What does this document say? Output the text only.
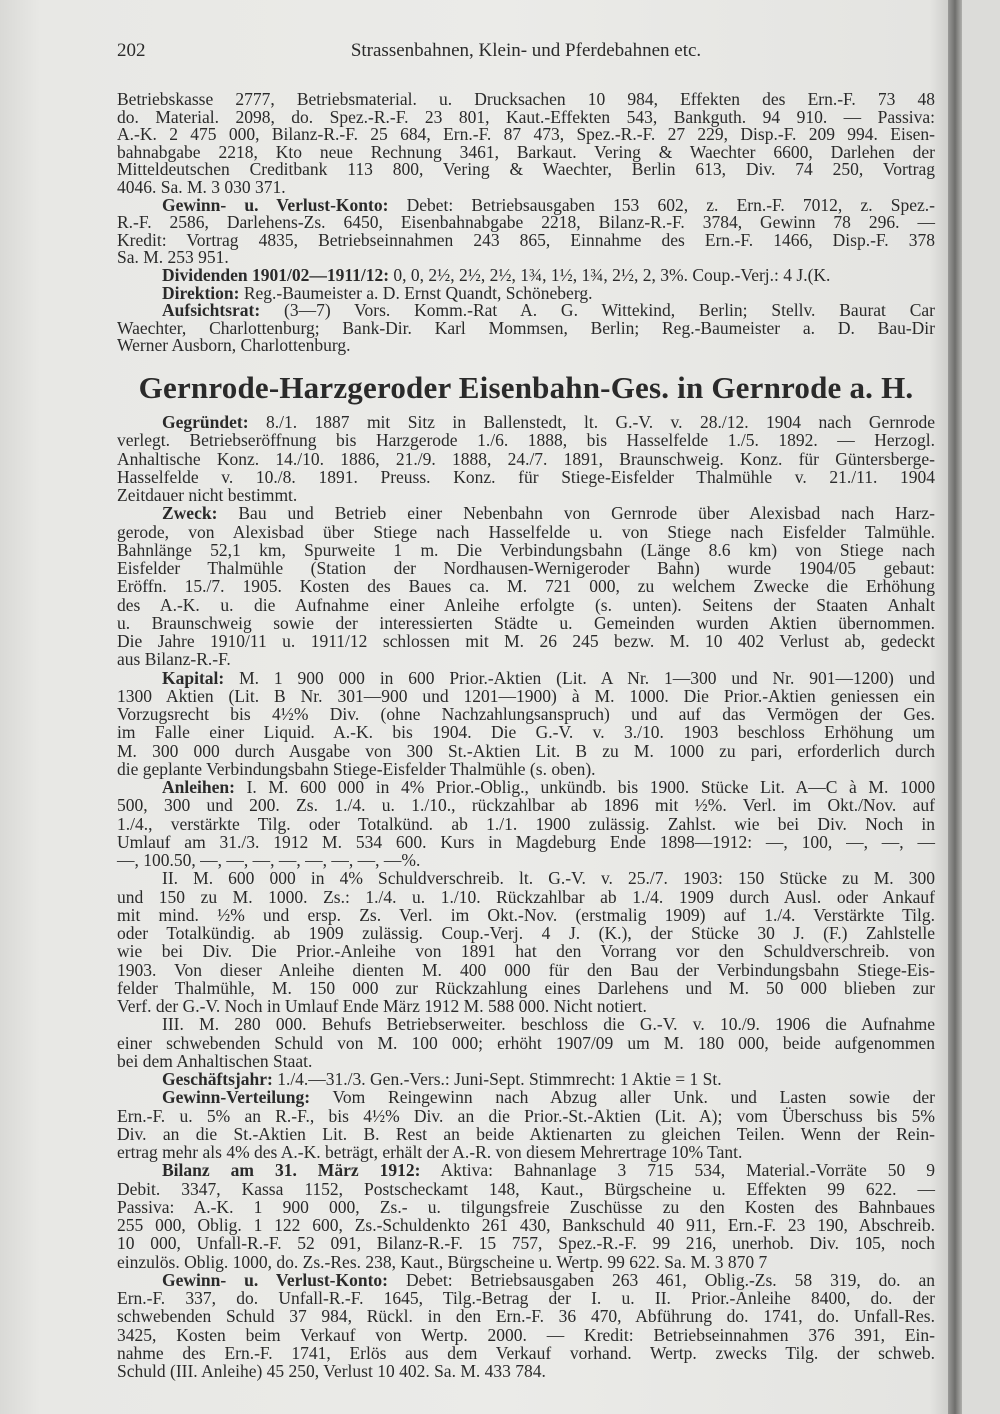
202	Strassenbahnen, Klein- und Pferdebahnen etc.
Betriebskasse 2777, Betriebsmaterial. u. Drucksachen 10 984, Effekten des Ern.-F. 73 48
do. Material. 2098, do. Spez.-R.-F. 23 801, Kaut.-Effekten 543, Bankguth. 94 910. — Passiva:
A.-K. 2 475 000, Bilanz-R.-F. 25 684, Ern.-F. 87 473, Spez.-R.-F. 27 229, Disp.-F. 209 994. Eisen-
bahnabgabe 2218, Kto neue Rechnung 3461, Barkaut. Vering & Waechter 6600, Darlehen der
Mitteldeutschen Creditbank 113 800, Vering & Waechter, Berlin 613, Div. 74 250, Vortrag
4046. Sa. M. 3 030 371.
Gewinn- u. Verlust-Konto: Debet: Betriebsausgaben 153 602, z. Ern.-F. 7012, z. Spez.-
R.-F. 2586, Darlehens-Zs. 6450, Eisenbahnabgabe 2218, Bilanz-R.-F. 3784, Gewinn 78 296. —
Kredit: Vortrag 4835, Betriebseinnahmen 243 865, Einnahme des Ern.-F. 1466, Disp.-F. 378
Sa. M. 253 951.
Dividenden 1901/02—1911/12: 0, 0, 2½, 2½, 2½, 1¾, 1½, 1¾, 2½, 2, 3%. Coup.-Verj.: 4 J.(K.
Direktion: Reg.-Baumeister a. D. Ernst Quandt, Schöneberg.
Aufsichtsrat: (3—7) Vors. Komm.-Rat A. G. Wittekind, Berlin; Stellv. Baurat Car
Waechter, Charlottenburg; Bank-Dir. Karl Mommsen, Berlin; Reg.-Baumeister a. D. Bau-Dir
Werner Ausborn, Charlottenburg.
Gernrode-Harzgeroder Eisenbahn-Ges. in Gernrode a. H.
Gegründet: 8./1. 1887 mit Sitz in Ballenstedt, lt. G.-V. v. 28./12. 1904 nach Gernrode
verlegt. Betriebseröffnung bis Harzgerode 1./6. 1888, bis Hasselfelde 1./5. 1892. — Herzogl.
Anhaltische Konz. 14./10. 1886, 21./9. 1888, 24./7. 1891, Braunschweig. Konz. für Güntersberge-
Hasselfelde v. 10./8. 1891. Preuss. Konz. für Stiege-Eisfelder Thalmühle v. 21./11. 1904
Zeitdauer nicht bestimmt.
Zweck: Bau und Betrieb einer Nebenbahn von Gernrode über Alexisbad nach Harz-
gerode, von Alexisbad über Stiege nach Hasselfelde u. von Stiege nach Eisfelder Talmühle.
Bahnlänge 52,1 km, Spurweite 1 m. Die Verbindungsbahn (Länge 8.6 km) von Stiege nach
Eisfelder Thalmühle (Station der Nordhausen-Wernigeroder Bahn) wurde 1904/05 gebaut:
Eröffn. 15./7. 1905. Kosten des Baues ca. M. 721 000, zu welchem Zwecke die Erhöhung
des A.-K. u. die Aufnahme einer Anleihe erfolgte (s. unten). Seitens der Staaten Anhalt
u. Braunschweig sowie der interessierten Städte u. Gemeinden wurden Aktien übernommen.
Die Jahre 1910/11 u. 1911/12 schlossen mit M. 26 245 bezw. M. 10 402 Verlust ab, gedeckt
aus Bilanz-R.-F.
Kapital: M. 1 900 000 in 600 Prior.-Aktien (Lit. A Nr. 1—300 und Nr. 901—1200) und
1300 Aktien (Lit. B Nr. 301—900 und 1201—1900) à M. 1000. Die Prior.-Aktien geniessen ein
Vorzugsrecht bis 4½% Div. (ohne Nachzahlungsanspruch) und auf das Vermögen der Ges.
im Falle einer Liquid. A.-K. bis 1904. Die G.-V. v. 3./10. 1903 beschloss Erhöhung um
M. 300 000 durch Ausgabe von 300 St.-Aktien Lit. B zu M. 1000 zu pari, erforderlich durch
die geplante Verbindungsbahn Stiege-Eisfelder Thalmühle (s. oben).
Anleihen: I. M. 600 000 in 4% Prior.-Oblig., unkündb. bis 1900. Stücke Lit. A—C à M. 1000
500, 300 und 200. Zs. 1./4. u. 1./10., rückzahlbar ab 1896 mit ½%. Verl. im Okt./Nov. auf
1./4., verstärkte Tilg. oder Totalkünd. ab 1./1. 1900 zulässig. Zahlst. wie bei Div. Noch in
Umlauf am 31./3. 1912 M. 534 600. Kurs in Magdeburg Ende 1898—1912: —, 100, —, —, —
—, 100.50, —, —, —, —, —, —, —, —%.
II. M. 600 000 in 4% Schuldverschreib. lt. G.-V. v. 25./7. 1903: 150 Stücke zu M. 300
und 150 zu M. 1000. Zs.: 1./4. u. 1./10. Rückzahlbar ab 1./4. 1909 durch Ausl. oder Ankauf
mit mind. ½% und ersp. Zs. Verl. im Okt.-Nov. (erstmalig 1909) auf 1./4. Verstärkte Tilg.
oder Totalkündig. ab 1909 zulässig. Coup.-Verj. 4 J. (K.), der Stücke 30 J. (F.) Zahlstelle
wie bei Div. Die Prior.-Anleihe von 1891 hat den Vorrang vor den Schuldverschreib. von
1903. Von dieser Anleihe dienten M. 400 000 für den Bau der Verbindungsbahn Stiege-Eis-
felder Thalmühle, M. 150 000 zur Rückzahlung eines Darlehens und M. 50 000 blieben zur
Verf. der G.-V. Noch in Umlauf Ende März 1912 M. 588 000. Nicht notiert.
III. M. 280 000. Behufs Betriebserweiter. beschloss die G.-V. v. 10./9. 1906 die Aufnahme
einer schwebenden Schuld von M. 100 000; erhöht 1907/09 um M. 180 000, beide aufgenommen
bei dem Anhaltischen Staat.
Geschäftsjahr: 1./4.—31./3. Gen.-Vers.: Juni-Sept. Stimmrecht: 1 Aktie = 1 St.
Gewinn-Verteilung: Vom Reingewinn nach Abzug aller Unk. und Lasten sowie der
Ern.-F. u. 5% an R.-F., bis 4½% Div. an die Prior.-St.-Aktien (Lit. A); vom Überschuss bis 5%
Div. an die St.-Aktien Lit. B. Rest an beide Aktienarten zu gleichen Teilen. Wenn der Rein-
ertrag mehr als 4% des A.-K. beträgt, erhält der A.-R. von diesem Mehrertrage 10% Tant.
Bilanz am 31. März 1912: Aktiva: Bahnanlage 3 715 534, Material.-Vorräte 50 9
Debit. 3347, Kassa 1152, Postscheckamt 148, Kaut., Bürgscheine u. Effekten 99 622. —
Passiva: A.-K. 1 900 000, Zs.- u. tilgungsfreie Zuschüsse zu den Kosten des Bahnbaues
255 000, Oblig. 1 122 600, Zs.-Schuldenkto 261 430, Bankschuld 40 911, Ern.-F. 23 190, Abschreib.
10 000, Unfall-R.-F. 52 091, Bilanz-R.-F. 15 757, Spez.-R.-F. 99 216, unerhob. Div. 105, noch
einzulös. Oblig. 1000, do. Zs.-Res. 238, Kaut., Bürgscheine u. Wertp. 99 622. Sa. M. 3 870 7
Gewinn- u. Verlust-Konto: Debet: Betriebsausgaben 263 461, Oblig.-Zs. 58 319, do. an
Ern.-F. 337, do. Unfall-R.-F. 1645, Tilg.-Betrag der I. u. II. Prior.-Anleihe 8400, do. der
schwebenden Schuld 37 984, Rückl. in den Ern.-F. 36 470, Abführung do. 1741, do. Unfall-Res.
3425, Kosten beim Verkauf von Wertp. 2000. — Kredit: Betriebseinnahmen 376 391, Ein-
nahme des Ern.-F. 1741, Erlös aus dem Verkauf vorhand. Wertp. zwecks Tilg. der schweb.
Schuld (III. Anleihe) 45 250, Verlust 10 402. Sa. M. 433 784.
